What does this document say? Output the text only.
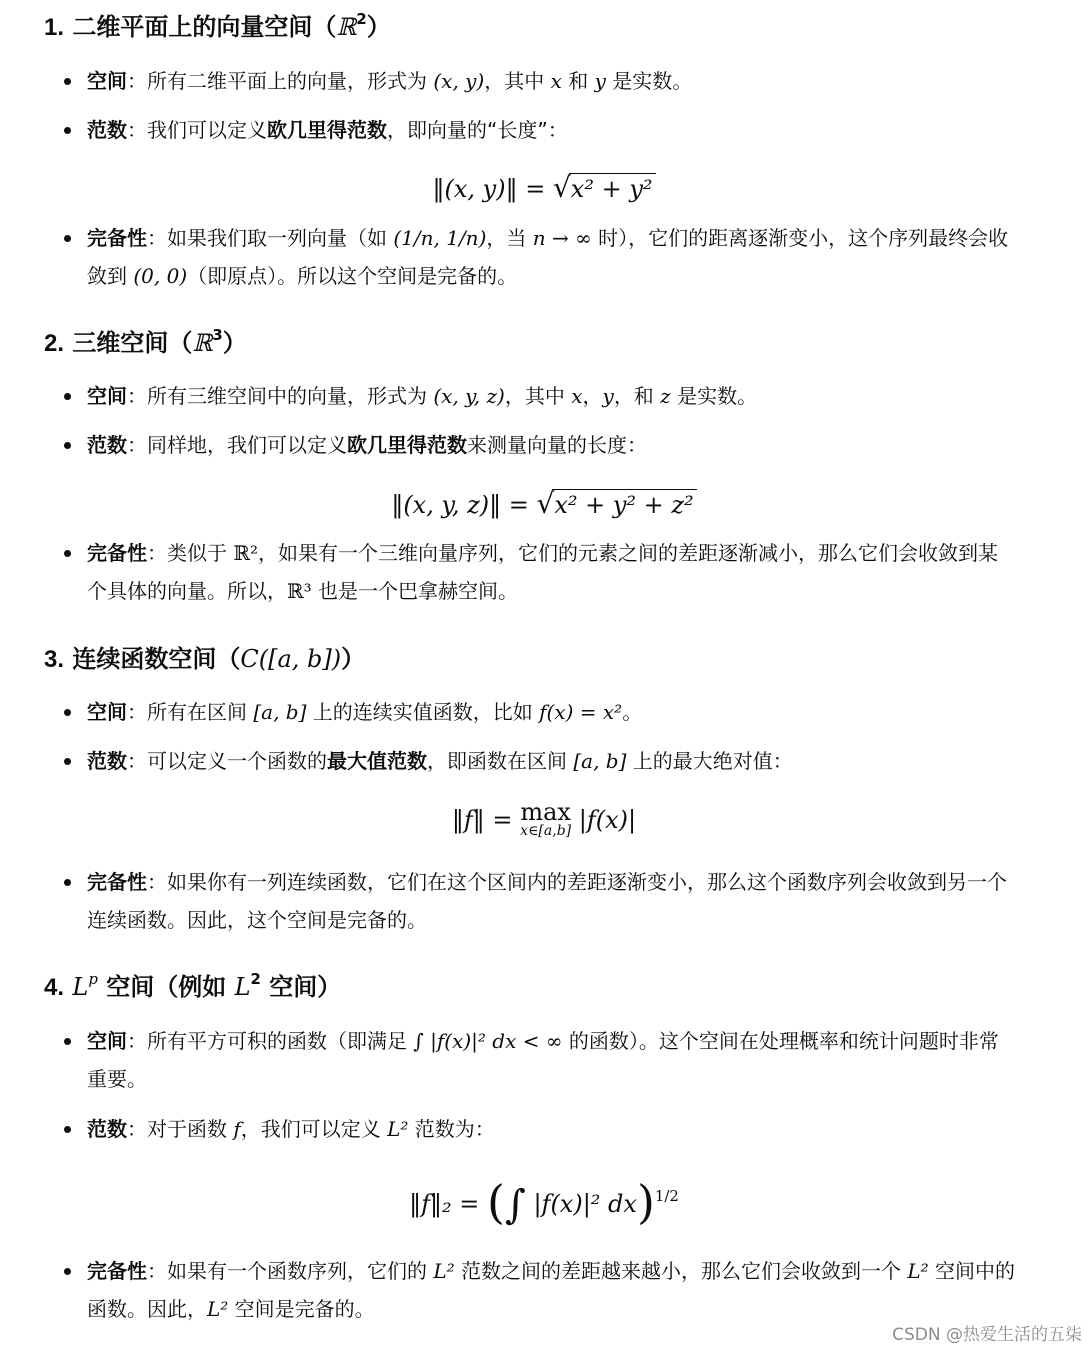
1. 二维平面上的向量空间（ℝ$^2$）

空间：所有二维平面上的向量，形式为 (x, y)，其中 x 和 y 是实数。

范数：我们可以定义欧几里得范数，即向量的“长度”：

‖(x, y)‖ = √x² + y²

完备性：如果我们取一列向量（如 (1/n, 1/n)，当 n → ∞ 时），它们的距离逐渐变小，这个序列最终会收敛到 (0, 0)（即原点）。所以这个空间是完备的。

2. 三维空间（ℝ$^3$）

空间：所有三维空间中的向量，形式为 (x, y, z)，其中 x，y，和 z 是实数。

范数：同样地，我们可以定义欧几里得范数来测量向量的长度：

‖(x, y, z)‖ = √x² + y² + z²

完备性：类似于 ℝ²，如果有一个三维向量序列，它们的元素之间的差距逐渐减小，那么它们会收敛到某个具体的向量。所以，ℝ³ 也是一个巴拿赫空间。

3. 连续函数空间（C([a, b])）

空间：所有在区间 [a, b] 上的连续实值函数，比如 f(x) = x²。

范数：可以定义一个函数的最大值范数，即函数在区间 [a, b] 上的最大绝对值：

‖f‖ = max
x∈[a,b] |f(x)|

完备性：如果你有一列连续函数，它们在这个区间内的差距逐渐变小，那么这个函数序列会收敛到另一个连续函数。因此，这个空间是完备的。

4. $L^p$ 空间（例如 $L^2$ 空间）

空间：所有平方可积的函数（即满足 ∫ |f(x)|² dx < ∞ 的函数）。这个空间在处理概率和统计问题时非常重要。

范数：对于函数 f，我们可以定义 L² 范数为：

‖f‖₂ = (∫ |f(x)|² dx)$^{1/2}$

完备性：如果有一个函数序列，它们的 L² 范数之间的差距越来越小，那么它们会收敛到一个 L² 空间中的函数。因此，L² 空间是完备的。

CSDN @热爱生活的五柒
